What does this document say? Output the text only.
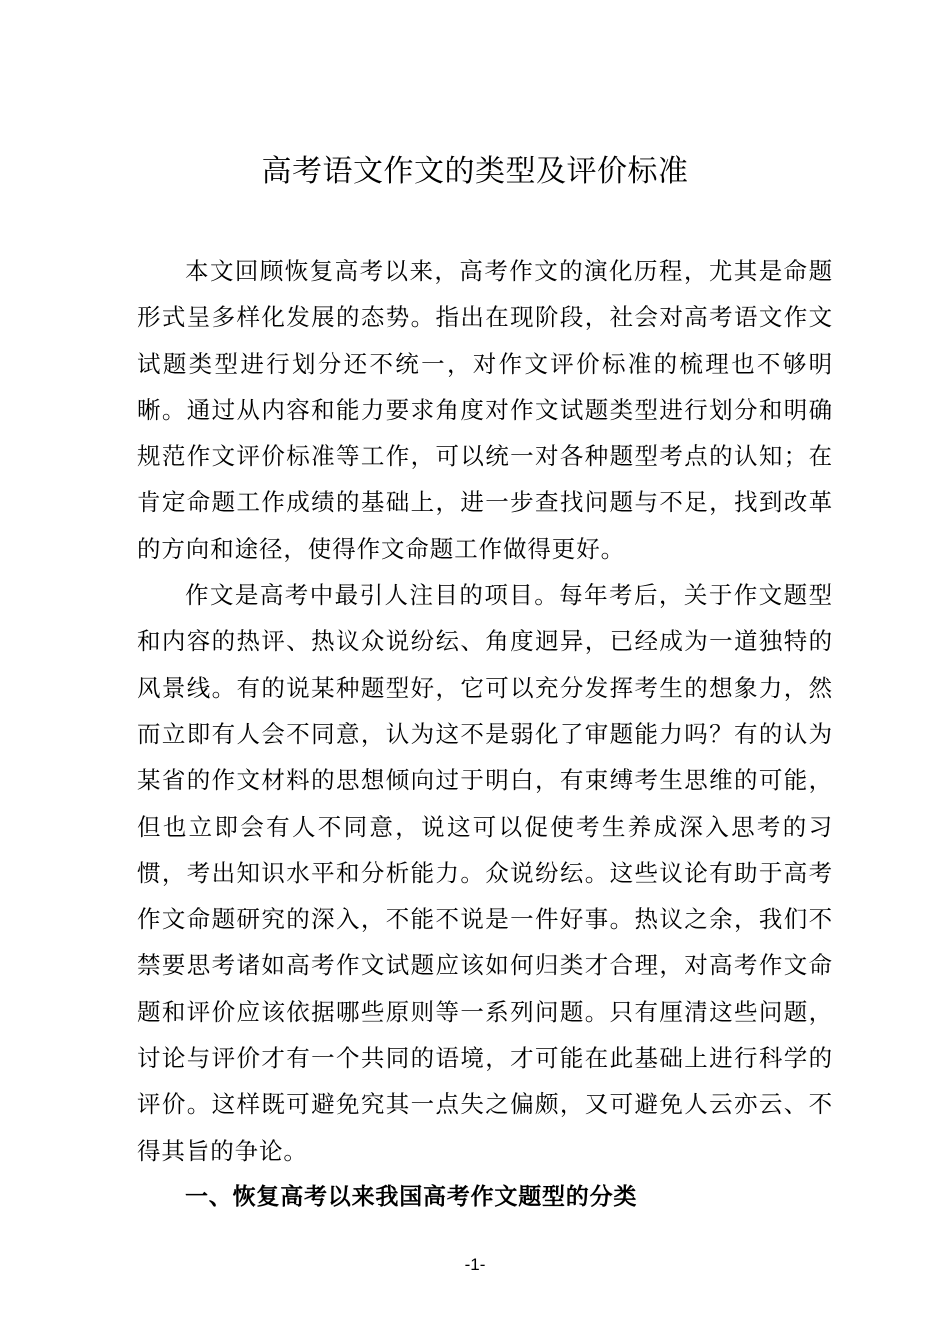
高考语文作文的类型及评价标准

本文回顾恢复高考以来，高考作文的演化历程，尤其是命题形式呈多样化发展的态势。指出在现阶段，社会对高考语文作文试题类型进行划分还不统一，对作文评价标准的梳理也不够明晰。通过从内容和能力要求角度对作文试题类型进行划分和明确规范作文评价标准等工作，可以统一对各种题型考点的认知；在肯定命题工作成绩的基础上，进一步查找问题与不足，找到改革的方向和途径，使得作文命题工作做得更好。

作文是高考中最引人注目的项目。每年考后，关于作文题型和内容的热评、热议众说纷纭、角度迥异，已经成为一道独特的风景线。有的说某种题型好，它可以充分发挥考生的想象力，然而立即有人会不同意，认为这不是弱化了审题能力吗？有的认为某省的作文材料的思想倾向过于明白，有束缚考生思维的可能，但也立即会有人不同意，说这可以促使考生养成深入思考的习惯，考出知识水平和分析能力。众说纷纭。这些议论有助于高考作文命题研究的深入，不能不说是一件好事。热议之余，我们不禁要思考诸如高考作文试题应该如何归类才合理，对高考作文命题和评价应该依据哪些原则等一系列问题。只有厘清这些问题，讨论与评价才有一个共同的语境，才可能在此基础上进行科学的评价。这样既可避免究其一点失之偏颇，又可避免人云亦云、不得其旨的争论。

一、恢复高考以来我国高考作文题型的分类

-1-
